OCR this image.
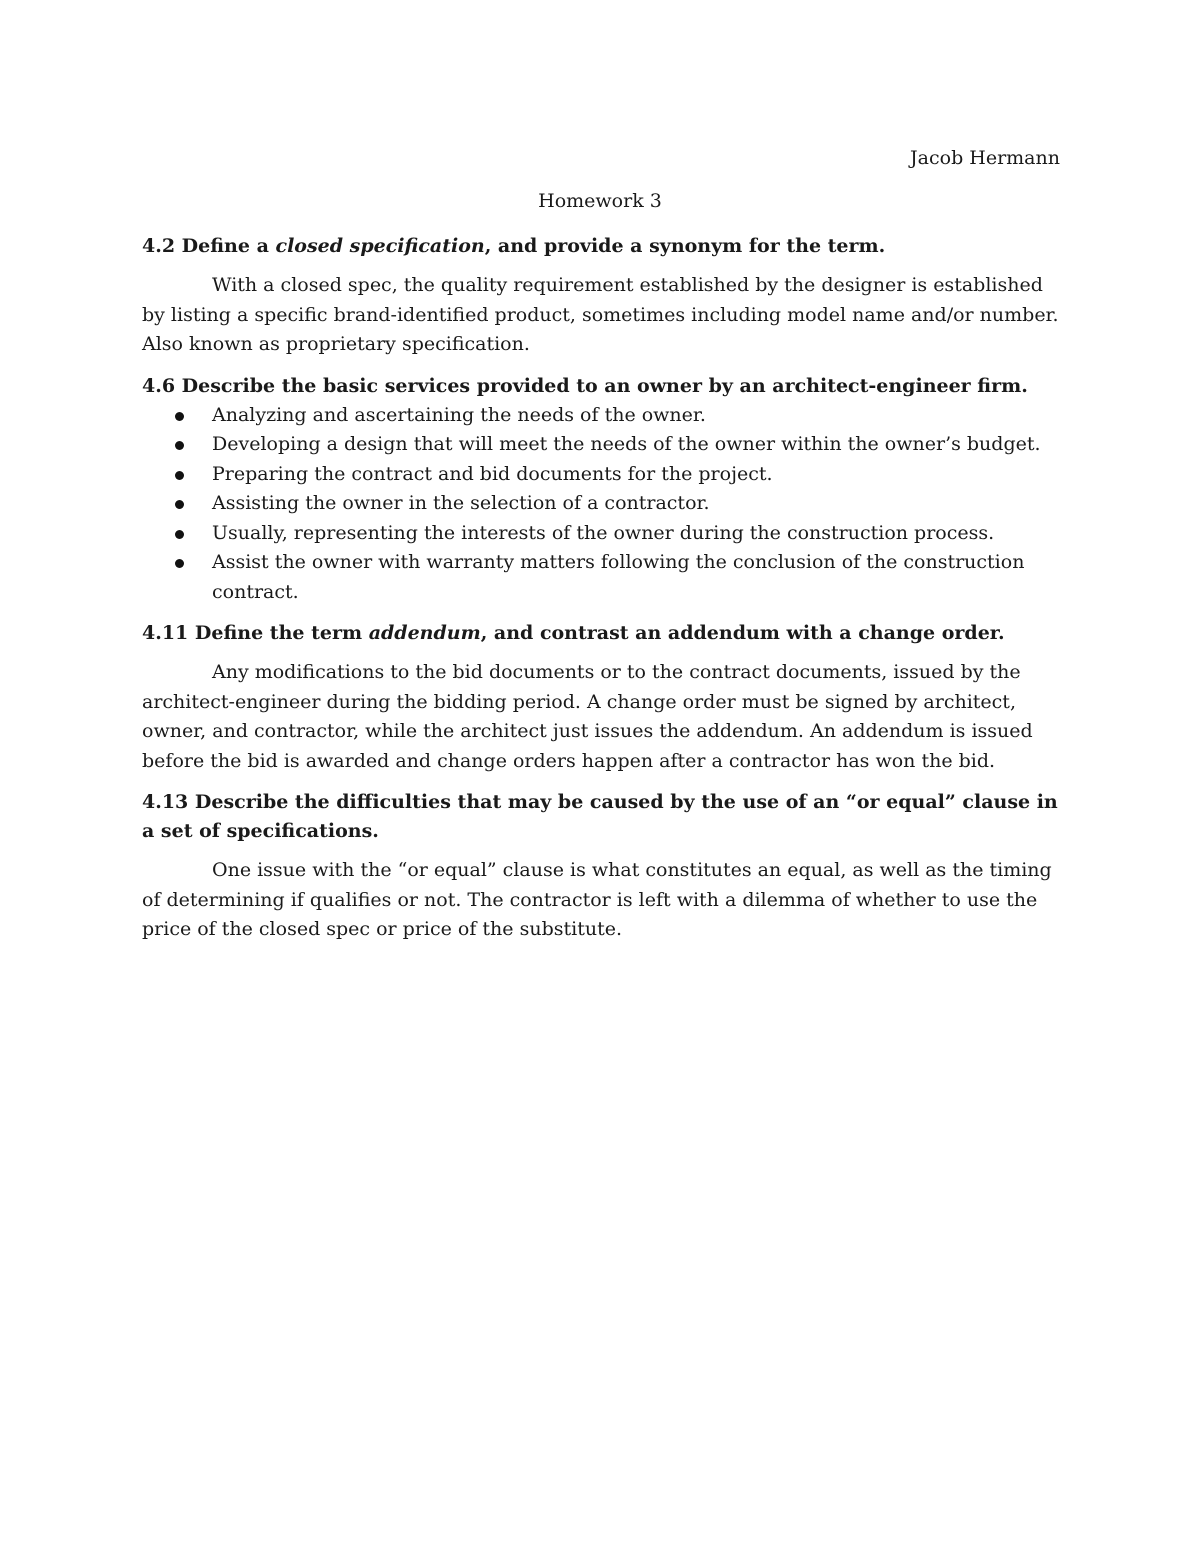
Jacob Hermann
Homework 3
4.2 Define a closed specification, and provide a synonym for the term.

With a closed spec, the quality requirement established by the designer is established by listing a specific brand-identified product, sometimes including model name and/or number. Also known as proprietary specification.

4.6 Describe the basic services provided to an owner by an architect-engineer firm.
Analyzing and ascertaining the needs of the owner.
Developing a design that will meet the needs of the owner within the owner’s budget.
Preparing the contract and bid documents for the project.
Assisting the owner in the selection of a contractor.
Usually, representing the interests of the owner during the construction process.
Assist the owner with warranty matters following the conclusion of the construction contract.
4.11 Define the term addendum, and contrast an addendum with a change order.

Any modifications to the bid documents or to the contract documents, issued by the architect-engineer during the bidding period. A change order must be signed by architect, owner, and contractor, while the architect just issues the addendum. An addendum is issued before the bid is awarded and change orders happen after a contractor has won the bid.

4.13 Describe the difficulties that may be caused by the use of an “or equal” clause in a set of specifications.

One issue with the “or equal” clause is what constitutes an equal, as well as the timing of determining if qualifies or not. The contractor is left with a dilemma of whether to use the price of the closed spec or price of the substitute.
